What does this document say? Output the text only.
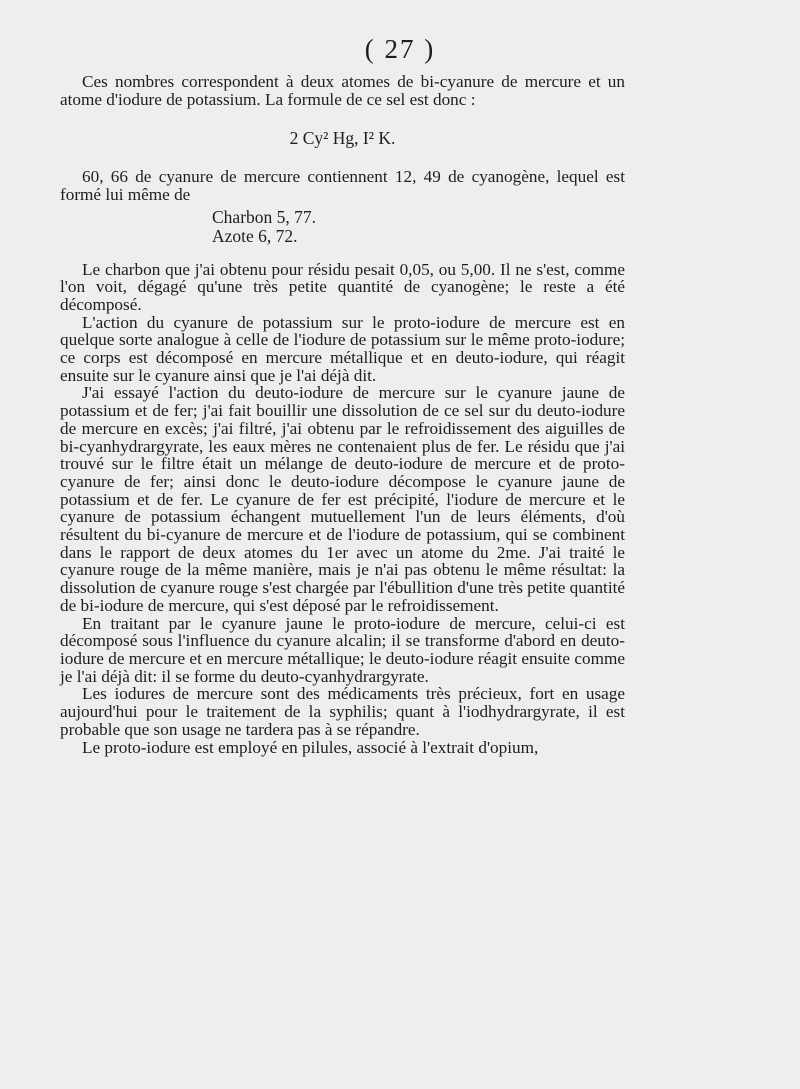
( 27 )

Ces nombres correspondent à deux atomes de bi-cyanure de mercure et un atome d'iodure de potassium. La formule de ce sel est donc :

2 Cy² Hg, I² K.

60, 66 de cyanure de mercure contiennent 12, 49 de cyanogène, lequel est formé lui même de

Charbon 5, 77.
Azote 6, 72.

Le charbon que j'ai obtenu pour résidu pesait 0,05, ou 5,00. Il ne s'est, comme l'on voit, dégagé qu'une très petite quantité de cyanogène; le reste a été décomposé.

L'action du cyanure de potassium sur le proto-iodure de mercure est en quelque sorte analogue à celle de l'iodure de potassium sur le même proto-iodure; ce corps est décomposé en mercure métallique et en deuto-iodure, qui réagit ensuite sur le cyanure ainsi que je l'ai déjà dit.

J'ai essayé l'action du deuto-iodure de mercure sur le cyanure jaune de potassium et de fer; j'ai fait bouillir une dissolution de ce sel sur du deuto-iodure de mercure en excès; j'ai filtré, j'ai obtenu par le refroidissement des aiguilles de bi-cyanhydrargyrate, les eaux mères ne contenaient plus de fer. Le résidu que j'ai trouvé sur le filtre était un mélange de deuto-iodure de mercure et de proto-cyanure de fer; ainsi donc le deuto-iodure décompose le cyanure jaune de potassium et de fer. Le cyanure de fer est précipité, l'iodure de mercure et le cyanure de potassium échangent mutuellement l'un de leurs éléments, d'où résultent du bi-cyanure de mercure et de l'iodure de potassium, qui se combinent dans le rapport de deux atomes du 1er avec un atome du 2me. J'ai traité le cyanure rouge de la même manière, mais je n'ai pas obtenu le même résultat: la dissolution de cyanure rouge s'est chargée par l'ébullition d'une très petite quantité de bi-iodure de mercure, qui s'est déposé par le refroidissement.

En traitant par le cyanure jaune le proto-iodure de mercure, celui-ci est décomposé sous l'influence du cyanure alcalin; il se transforme d'abord en deuto-iodure de mercure et en mercure métallique; le deuto-iodure réagit ensuite comme je l'ai déjà dit: il se forme du deuto-cyanhydrargyrate.

Les iodures de mercure sont des médicaments très précieux, fort en usage aujourd'hui pour le traitement de la syphilis; quant à l'iodhydrargyrate, il est probable que son usage ne tardera pas à se répandre.

Le proto-iodure est employé en pilules, associé à l'extrait d'opium,
